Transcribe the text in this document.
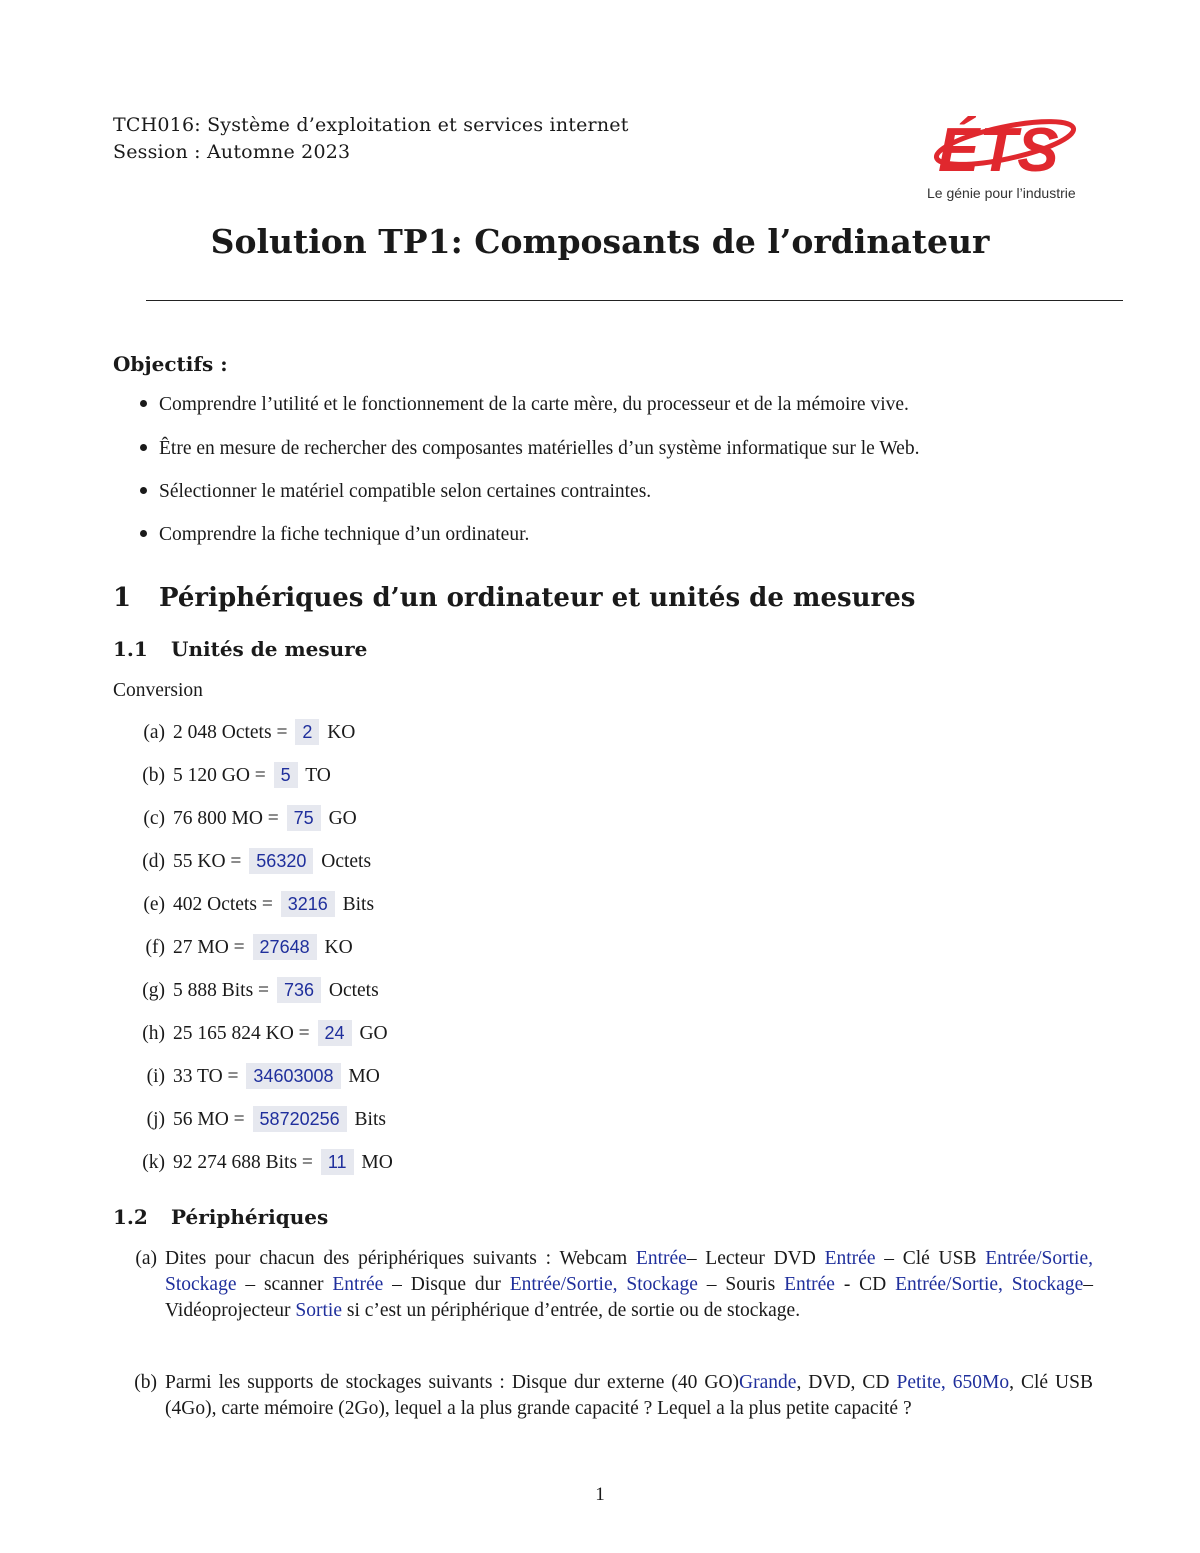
TCH016: Système d’exploitation et services internet
Session : Automne 2023	ÉTS
Le génie pour l’industrie
Solution TP1: Composants de l’ordinateur
Objectifs :
Comprendre l’utilité et le fonctionnement de la carte mère, du processeur et de la mémoire vive.
Être en mesure de rechercher des composantes matérielles d’un système informatique sur le Web.
Sélectionner le matériel compatible selon certaines contraintes.
Comprendre la fiche technique d’un ordinateur.
1 Périphériques d’un ordinateur et unités de mesures
1.1 Unités de mesure
Conversion
(a) 2 048 Octets = 2 KO
(b) 5 120 GO = 5 TO
(c) 76 800 MO = 75 GO
(d) 55 KO = 56320 Octets
(e) 402 Octets = 3216 Bits
(f) 27 MO = 27648 KO
(g) 5 888 Bits = 736 Octets
(h) 25 165 824 KO = 24 GO
(i) 33 TO = 34603008 MO
(j) 56 MO = 58720256 Bits
(k) 92 274 688 Bits = 11 MO
1.2 Périphériques
(a) Dites pour chacun des périphériques suivants : Webcam Entrée– Lecteur DVD Entrée – Clé USB Entrée/Sortie, Stockage – scanner Entrée – Disque dur Entrée/Sortie, Stockage – Souris Entrée - CD Entrée/Sortie, Stockage– Vidéoprojecteur Sortie si c’est un périphérique d’entrée, de sortie ou de stockage.
(b) Parmi les supports de stockages suivants : Disque dur externe (40 GO)Grande, DVD, CD Petite, 650Mo, Clé USB (4Go), carte mémoire (2Go), lequel a la plus grande capacité ? Lequel a la plus petite capacité ?
1
